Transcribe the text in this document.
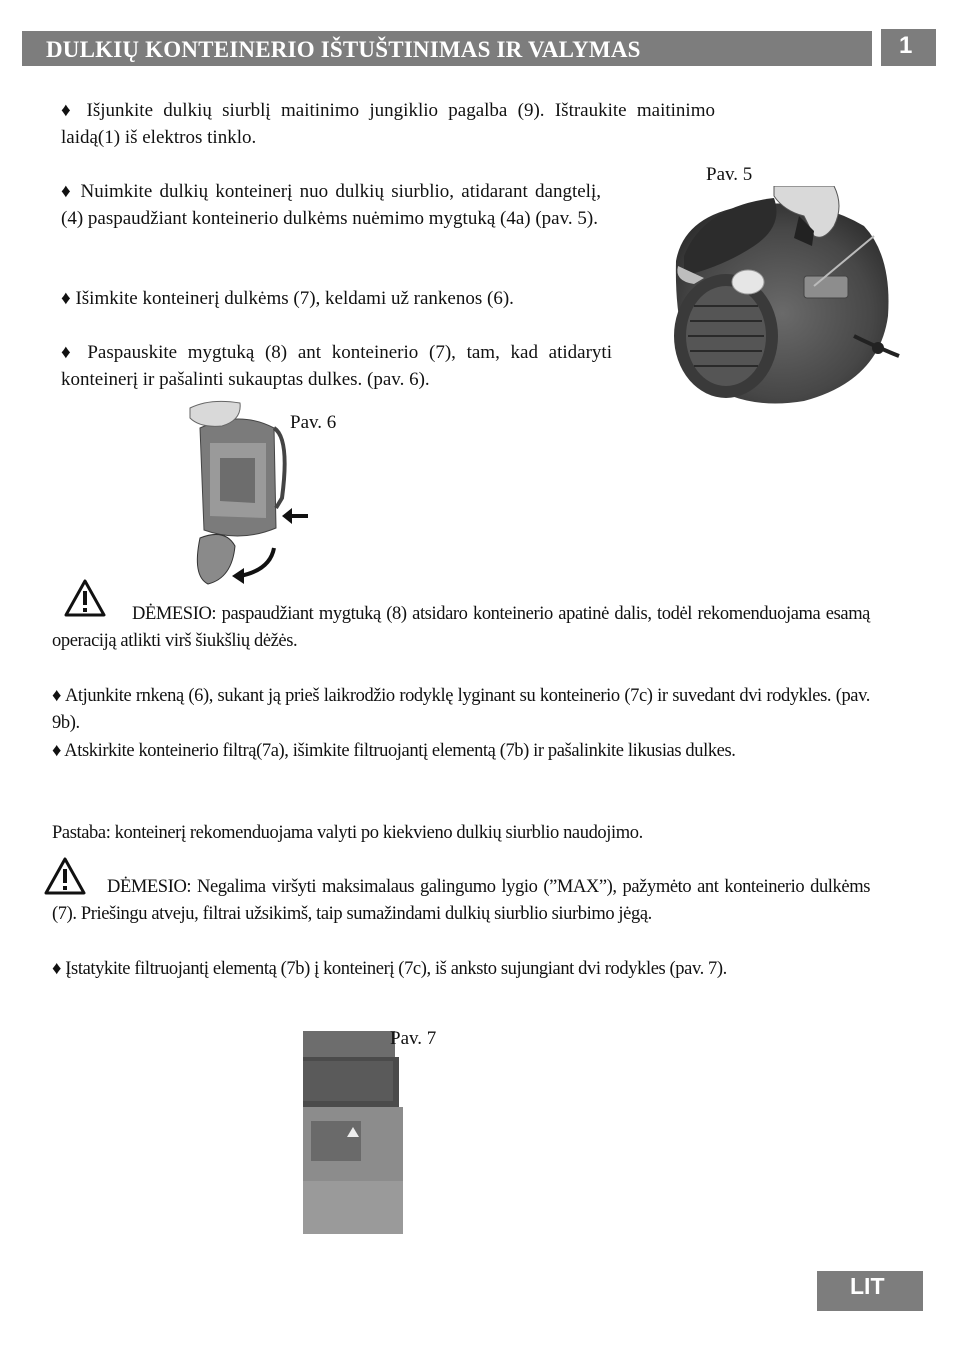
DULKIŲ KONTEINERIO IŠTUŠTINIMAS IR VALYMAS	1
♦ Išjunkite dulkių siurblį maitinimo jungiklio pagalba (9). Ištraukite maitinimo laidą(1) iš elektros tinklo.
Pav. 5
♦ Nuimkite dulkių konteinerį nuo dulkių siurblio, atidarant dangtelį, (4) paspaudžiant konteinerio dulkėms nuėmimo mygtuką (4a) (pav. 5).
♦ Išimkite konteinerį dulkėms (7), keldami už rankenos (6).
♦ Paspauskite mygtuką (8) ant konteinerio (7), tam, kad atidaryti konteinerį ir pašalinti sukauptas dulkes. (pav. 6).
Pav. 6
DĖMESIO: paspaudžiant mygtuką (8) atsidaro konteinerio apatinė dalis, todėl rekomenduojama esamą operaciją atlikti virš šiukšlių dėžės.
♦ Atjunkite rnkeną (6), sukant ją prieš laikrodžio rodyklę lyginant su konteinerio (7c) ir suvedant dvi rodykles. (pav. 9b).
♦ Atskirkite konteinerio filtrą(7a), išimkite filtruojantį elementą (7b) ir pašalinkite likusias dulkes.
Pastaba: konteinerį rekomenduojama valyti po kiekvieno dulkių siurblio naudojimo.
DĖMESIO: Negalima viršyti maksimalaus galingumo lygio (”MAX”), pažymėto ant konteinerio dulkėms (7). Priešingu atveju, filtrai užsikimš, taip sumažindami dulkių siurblio siurbimo jėgą.
♦ Įstatykite filtruojantį elementą (7b) į konteinerį (7c), iš anksto sujungiant dvi rodykles (pav. 7).
Pav. 7
LIT
